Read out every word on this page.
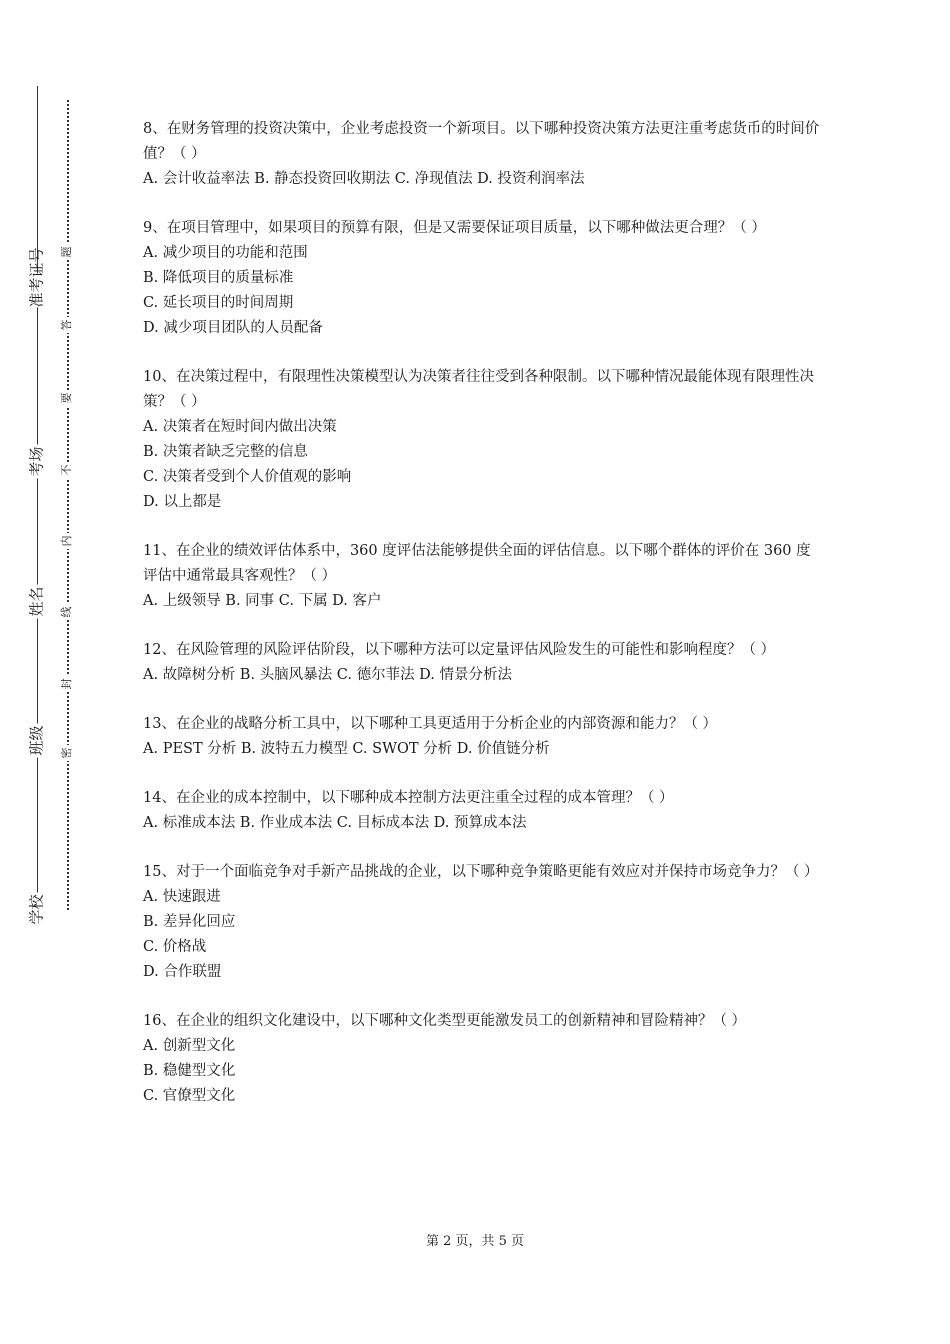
准考证号
考场
姓名
班级
学校
题
答
要
不
内
线
封
密
8、在财务管理的投资决策中，企业考虑投资一个新项目。以下哪种投资决策方法更注重考虑货币的时间价值？（ ）
A. 会计收益率法 B. 静态投资回收期法 C. 净现值法 D. 投资利润率法
9、在项目管理中，如果项目的预算有限，但是又需要保证项目质量，以下哪种做法更合理？（ ）
A. 减少项目的功能和范围
B. 降低项目的质量标准
C. 延长项目的时间周期
D. 减少项目团队的人员配备
10、在决策过程中，有限理性决策模型认为决策者往往受到各种限制。以下哪种情况最能体现有限理性决策？（ ）
A. 决策者在短时间内做出决策
B. 决策者缺乏完整的信息
C. 决策者受到个人价值观的影响
D. 以上都是
11、在企业的绩效评估体系中，360 度评估法能够提供全面的评估信息。以下哪个群体的评价在 360 度评估中通常最具客观性？（ ）
A. 上级领导 B. 同事 C. 下属 D. 客户
12、在风险管理的风险评估阶段，以下哪种方法可以定量评估风险发生的可能性和影响程度？（ ）
A. 故障树分析 B. 头脑风暴法 C. 德尔菲法 D. 情景分析法
13、在企业的战略分析工具中，以下哪种工具更适用于分析企业的内部资源和能力？（ ）
A. PEST 分析 B. 波特五力模型 C. SWOT 分析 D. 价值链分析
14、在企业的成本控制中，以下哪种成本控制方法更注重全过程的成本管理？（ ）
A. 标准成本法 B. 作业成本法 C. 目标成本法 D. 预算成本法
15、对于一个面临竞争对手新产品挑战的企业，以下哪种竞争策略更能有效应对并保持市场竞争力？（ ）
A. 快速跟进
B. 差异化回应
C. 价格战
D. 合作联盟
16、在企业的组织文化建设中，以下哪种文化类型更能激发员工的创新精神和冒险精神？（ ）
A. 创新型文化
B. 稳健型文化
C. 官僚型文化
第 2 页，共 5 页
